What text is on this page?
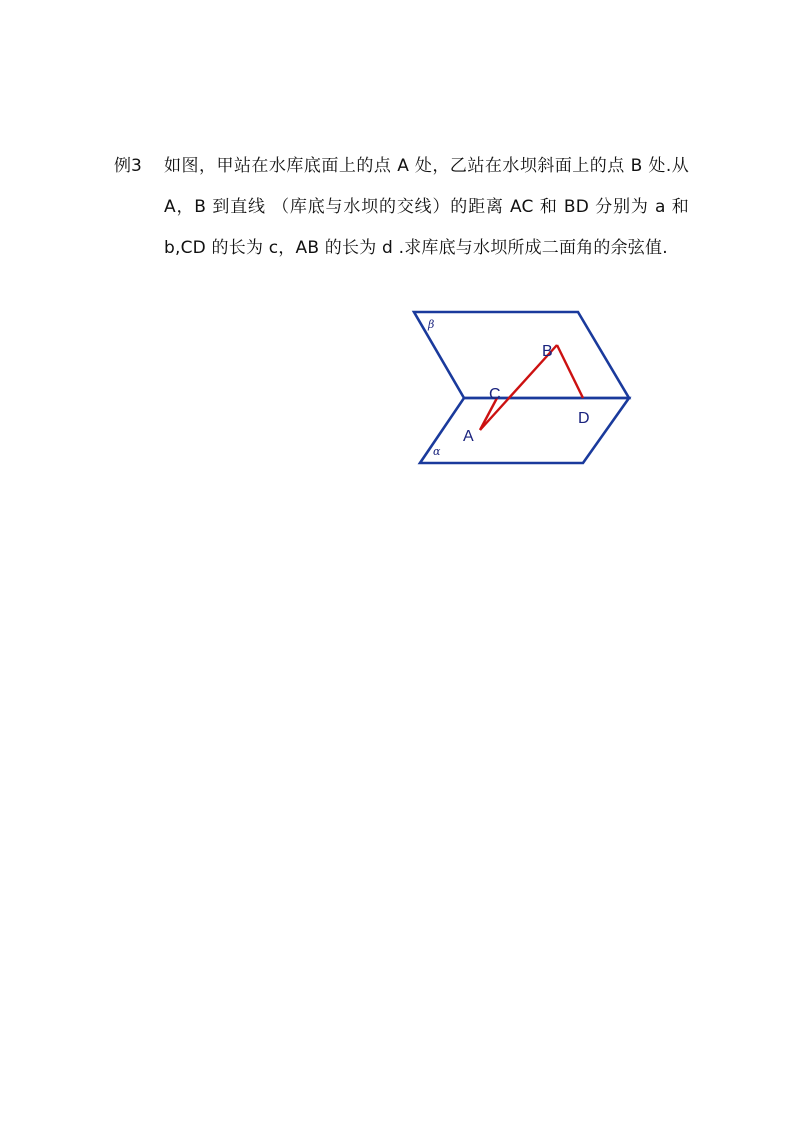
例3 如图，甲站在水库底面上的点 A 处，乙站在水坝斜面上的点 B 处.从 A，B 到直线 （库底与水坝的交线）的距离 AC 和 BD 分别为 a 和 b,CD 的长为 c，AB 的长为 d .求库底与水坝所成二面角的余弦值.
β
α
B
C
D
A
